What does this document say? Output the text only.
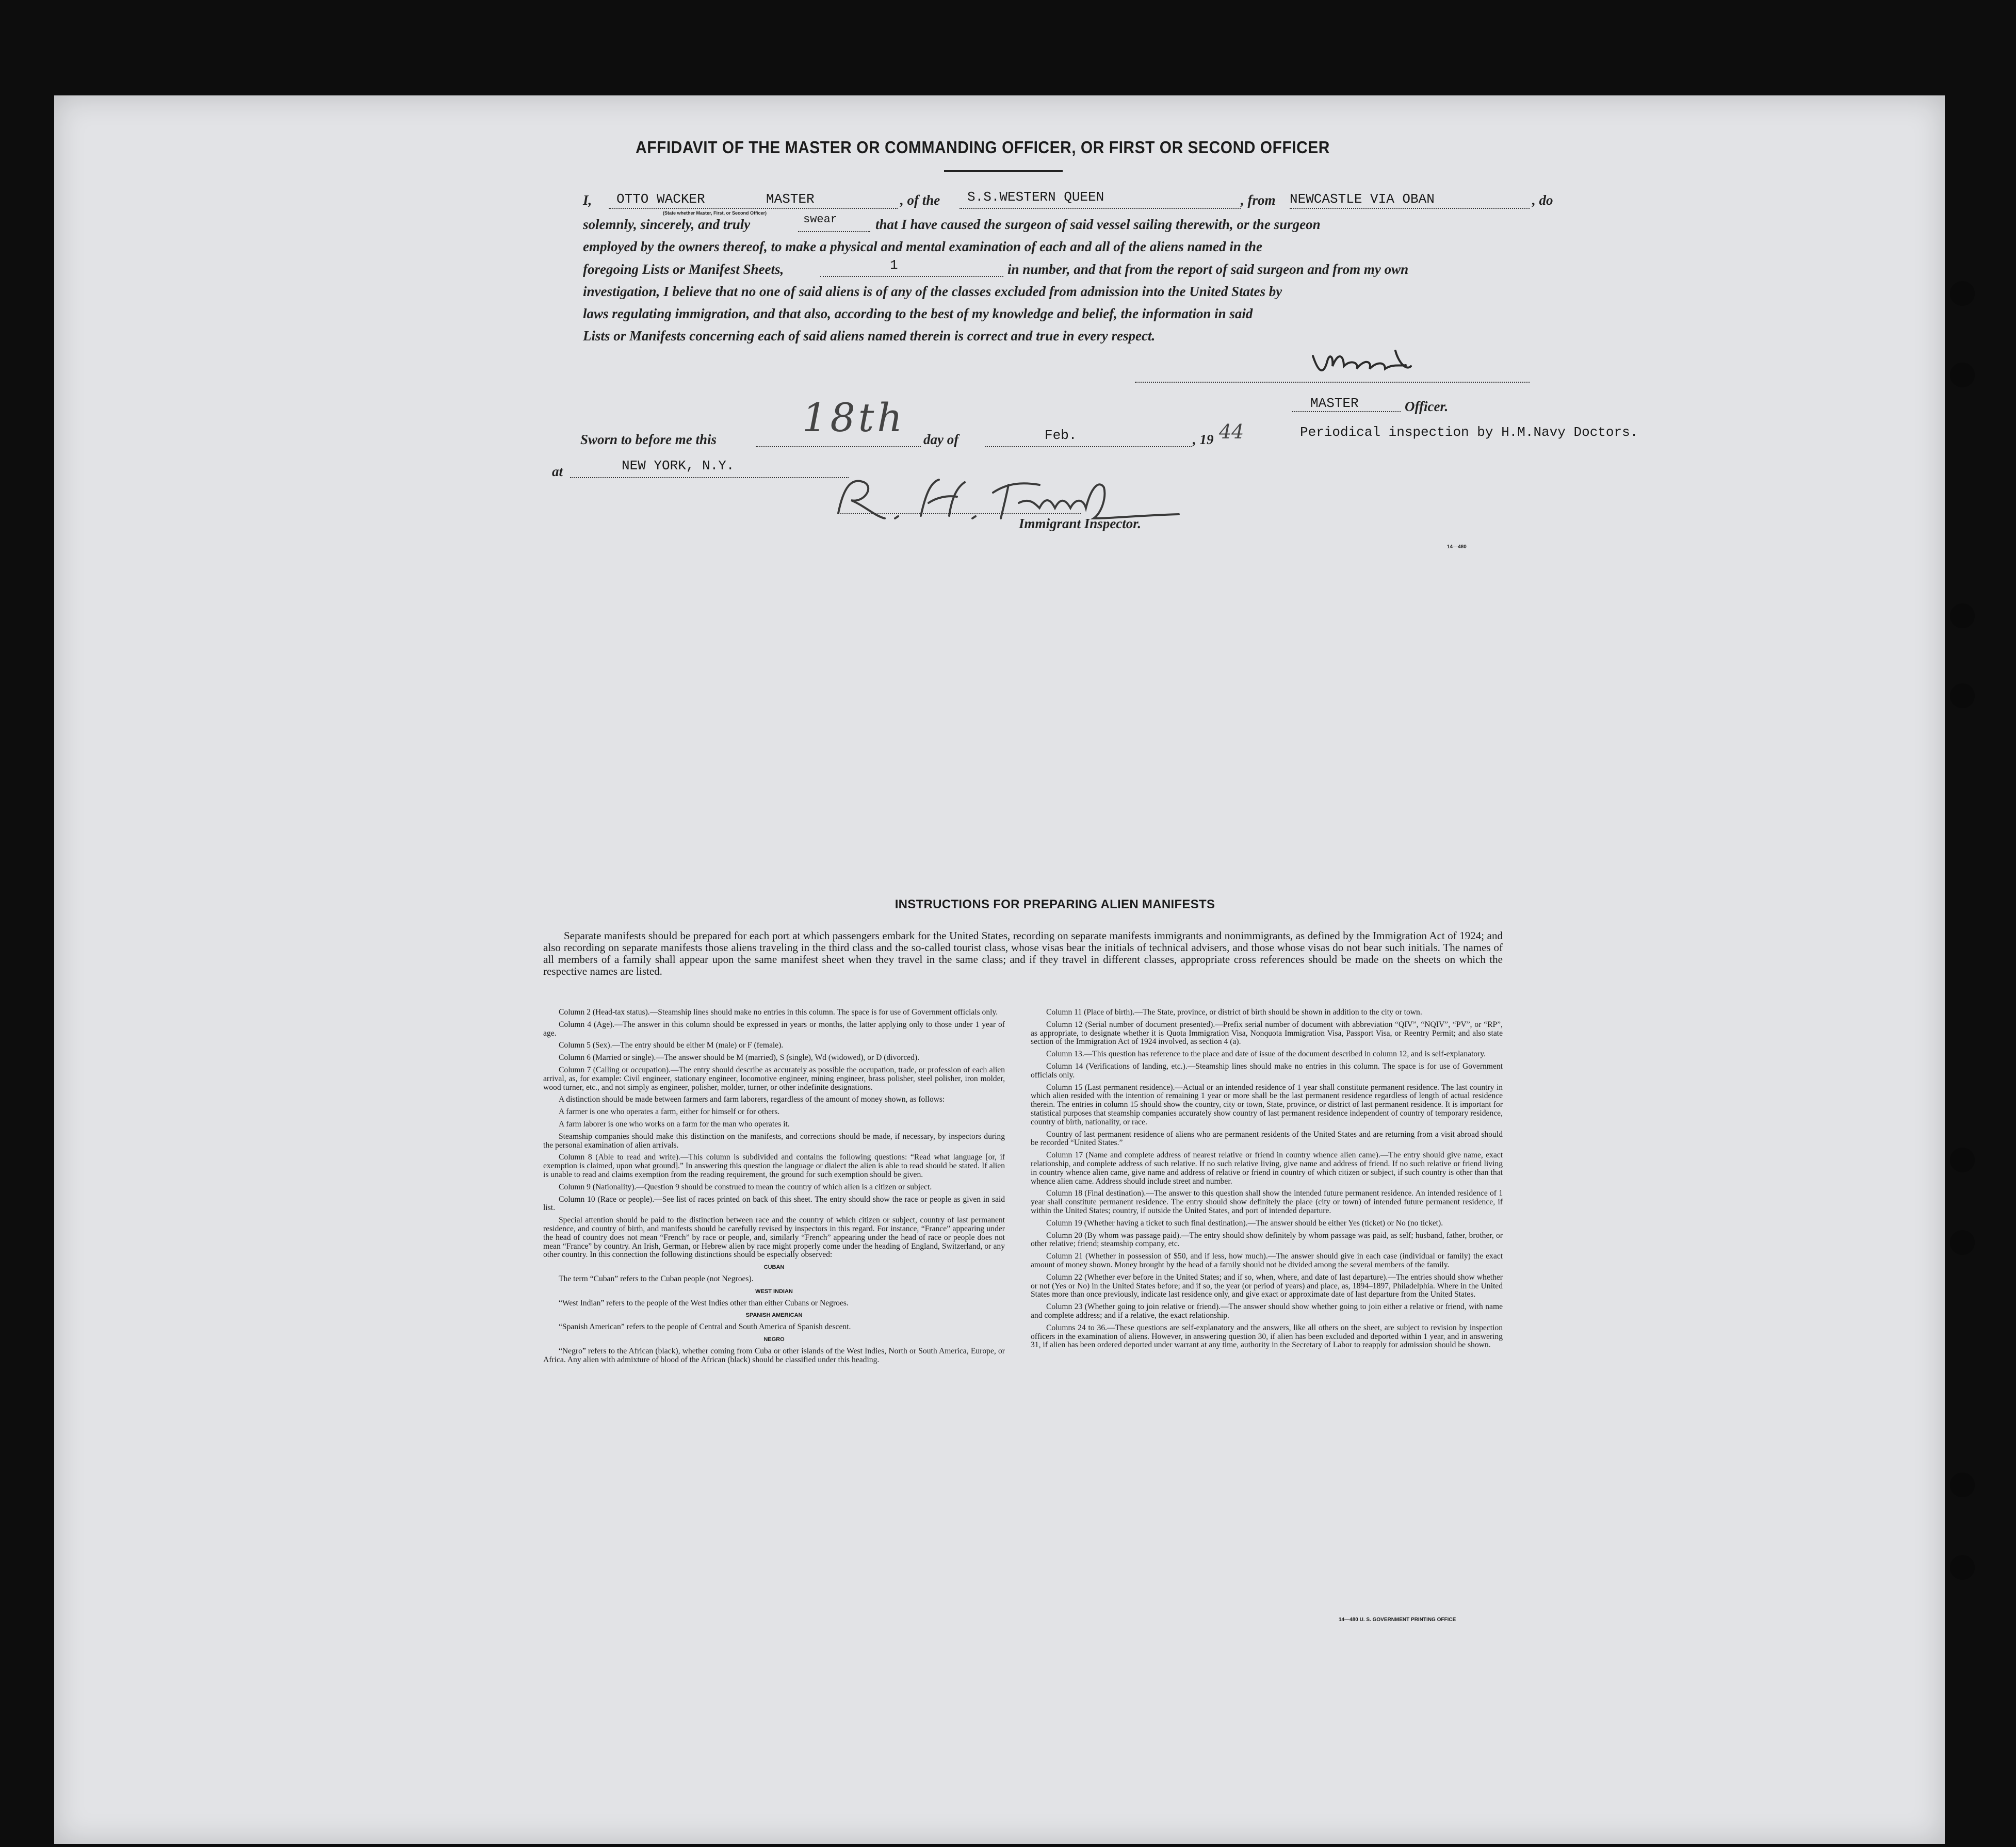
AFFIDAVIT OF THE MASTER OR COMMANDING OFFICER, OR FIRST OR SECOND OFFICER
I, OTTO WACKER	MASTER
(State whether Master, First, or Second Officer)
, of the S.S.WESTERN QUEEN	, from NEWCASTLE VIA OBAN	, do
solemnly, sincerely, and truly	swear	that I have caused the surgeon of said vessel sailing therewith, or the surgeon
employed by the owners thereof, to make a physical and mental examination of each and all of the aliens named in the
foregoing Lists or Manifest Sheets,	1	in number, and that from the report of said surgeon and from my own
investigation, I believe that no one of said aliens is of any of the classes excluded from admission into the United States by
laws regulating immigration, and that also, according to the best of my knowledge and belief, the information in said
Lists or Manifests concerning each of said aliens named therein is correct and true in every respect.
MASTER	Officer.
Periodical inspection by H.M.Navy Doctors.
Sworn to before me this 18th day of	Feb.	, 19 44
at	NEW YORK, N.Y.
Immigrant Inspector.
14—480
INSTRUCTIONS FOR PREPARING ALIEN MANIFESTS
Separate manifests should be prepared for each port at which passengers embark for the United States, recording on separate manifests immigrants and nonimmigrants, as defined by the Immigration Act of 1924; and also recording on separate manifests those aliens traveling in the third class and the so-called tourist class, whose visas bear the initials of technical advisers, and those whose visas do not bear such initials. The names of all members of a family shall appear upon the same manifest sheet when they travel in the same class; and if they travel in different classes, appropriate cross references should be made on the sheets on which the respective names are listed.

Column 2 (Head-tax status).—Steamship lines should make no entries in this column. The space is for use of Government officials only.

Column 4 (Age).—The answer in this column should be expressed in years or months, the latter applying only to those under 1 year of age.

Column 5 (Sex).—The entry should be either M (male) or F (female).

Column 6 (Married or single).—The answer should be M (married), S (single), Wd (widowed), or D (divorced).

Column 7 (Calling or occupation).—The entry should describe as accurately as possible the occupation, trade, or profession of each alien arrival, as, for example: Civil engineer, stationary engineer, locomotive engineer, mining engineer, brass polisher, steel polisher, iron molder, wood turner, etc., and not simply as engineer, polisher, molder, turner, or other indefinite designations.

A distinction should be made between farmers and farm laborers, regardless of the amount of money shown, as follows:

A farmer is one who operates a farm, either for himself or for others.

A farm laborer is one who works on a farm for the man who operates it.

Steamship companies should make this distinction on the manifests, and corrections should be made, if necessary, by inspectors during the personal examination of alien arrivals.

Column 8 (Able to read and write).—This column is subdivided and contains the following questions: “Read what language [or, if exemption is claimed, upon what ground].” In answering this question the language or dialect the alien is able to read should be stated. If alien is unable to read and claims exemption from the reading requirement, the ground for such exemption should be given.

Column 9 (Nationality).—Question 9 should be construed to mean the country of which alien is a citizen or subject.

Column 10 (Race or people).—See list of races printed on back of this sheet. The entry should show the race or people as given in said list.

Special attention should be paid to the distinction between race and the country of which citizen or subject, country of last permanent residence, and country of birth, and manifests should be carefully revised by inspectors in this regard. For instance, “France” appearing under the head of country does not mean “French” by race or people, and, similarly “French” appearing under the head of race or people does not mean “France” by country. An Irish, German, or Hebrew alien by race might properly come under the heading of England, Switzerland, or any other country. In this connection the following distinctions should be especially observed:

CUBAN

The term “Cuban” refers to the Cuban people (not Negroes).

WEST INDIAN

“West Indian” refers to the people of the West Indies other than either Cubans or Negroes.

SPANISH AMERICAN

“Spanish American” refers to the people of Central and South America of Spanish descent.

NEGRO

“Negro” refers to the African (black), whether coming from Cuba or other islands of the West Indies, North or South America, Europe, or Africa. Any alien with admixture of blood of the African (black) should be classified under this heading.

Column 11 (Place of birth).—The State, province, or district of birth should be shown in addition to the city or town.

Column 12 (Serial number of document presented).—Prefix serial number of document with abbreviation “QIV”, “NQIV”, “PV”, or “RP”, as appropriate, to designate whether it is Quota Immigration Visa, Nonquota Immigration Visa, Passport Visa, or Reentry Permit; and also state section of the Immigration Act of 1924 involved, as section 4 (a).

Column 13.—This question has reference to the place and date of issue of the document described in column 12, and is self-explanatory.

Column 14 (Verifications of landing, etc.).—Steamship lines should make no entries in this column. The space is for use of Government officials only.

Column 15 (Last permanent residence).—Actual or an intended residence of 1 year shall constitute permanent residence. The last country in which alien resided with the intention of remaining 1 year or more shall be the last permanent residence regardless of length of actual residence therein. The entries in column 15 should show the country, city or town, State, province, or district of last permanent residence. It is important for statistical purposes that steamship companies accurately show country of last permanent residence independent of country of temporary residence, country of birth, nationality, or race.

Country of last permanent residence of aliens who are permanent residents of the United States and are returning from a visit abroad should be recorded “United States.”

Column 17 (Name and complete address of nearest relative or friend in country whence alien came).—The entry should give name, exact relationship, and complete address of such relative. If no such relative living, give name and address of friend. If no such relative or friend living in country whence alien came, give name and address of relative or friend in country of which citizen or subject, if such country is other than that whence alien came. Address should include street and number.

Column 18 (Final destination).—The answer to this question shall show the intended future permanent residence. An intended residence of 1 year shall constitute permanent residence. The entry should show definitely the place (city or town) of intended future permanent residence, if within the United States; country, if outside the United States, and port of intended departure.

Column 19 (Whether having a ticket to such final destination).—The answer should be either Yes (ticket) or No (no ticket).

Column 20 (By whom was passage paid).—The entry should show definitely by whom passage was paid, as self; husband, father, brother, or other relative; friend; steamship company, etc.

Column 21 (Whether in possession of $50, and if less, how much).—The answer should give in each case (individual or family) the exact amount of money shown. Money brought by the head of a family should not be divided among the several members of the family.

Column 22 (Whether ever before in the United States; and if so, when, where, and date of last departure).—The entries should show whether or not (Yes or No) in the United States before; and if so, the year (or period of years) and place, as, 1894–1897, Philadelphia. Where in the United States more than once previously, indicate last residence only, and give exact or approximate date of last departure from the United States.

Column 23 (Whether going to join relative or friend).—The answer should show whether going to join either a relative or friend, with name and complete address; and if a relative, the exact relationship.

Columns 24 to 36.—These questions are self-explanatory and the answers, like all others on the sheet, are subject to revision by inspection officers in the examination of aliens. However, in answering question 30, if alien has been excluded and deported within 1 year, and in answering 31, if alien has been ordered deported under warrant at any time, authority in the Secretary of Labor to reapply for admission should be shown.

14—480 U. S. GOVERNMENT PRINTING OFFICE
